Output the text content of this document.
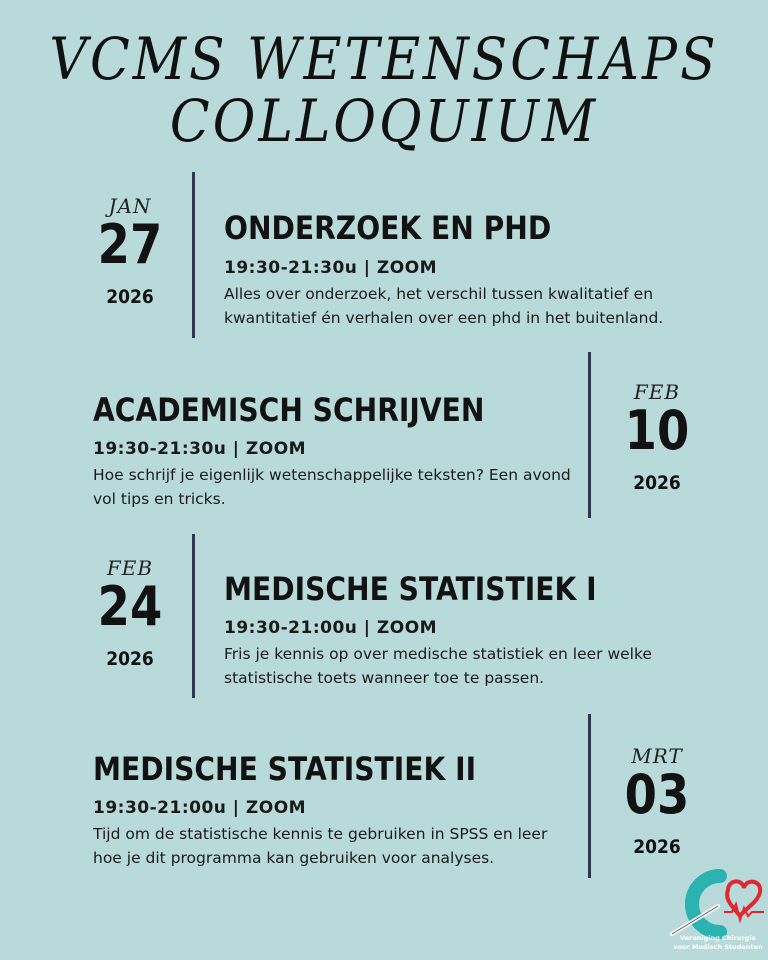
VCMS WETENSCHAPS
COLLOQUIUM
JAN
27
2026
ONDERZOEK EN PHD
19:30-21:30u | ZOOM
Alles over onderzoek, het verschil tussen kwalitatief en kwantitatief én verhalen over een phd in het buitenland.
ACADEMISCH SCHRIJVEN
19:30-21:30u | ZOOM
Hoe schrijf je eigenlijk wetenschappelijke teksten? Een avond vol tips en tricks.
FEB
10
2026
FEB
24
2026
MEDISCHE STATISTIEK I
19:30-21:00u | ZOOM
Fris je kennis op over medische statistiek en leer welke statistische toets wanneer toe te passen.
MEDISCHE STATISTIEK II
19:30-21:00u | ZOOM
Tijd om de statistische kennis te gebruiken in SPSS en leer hoe je dit programma kan gebruiken voor analyses.
MRT
03
2026
Vereniging Chirurgie
voor Medisch Studenten
